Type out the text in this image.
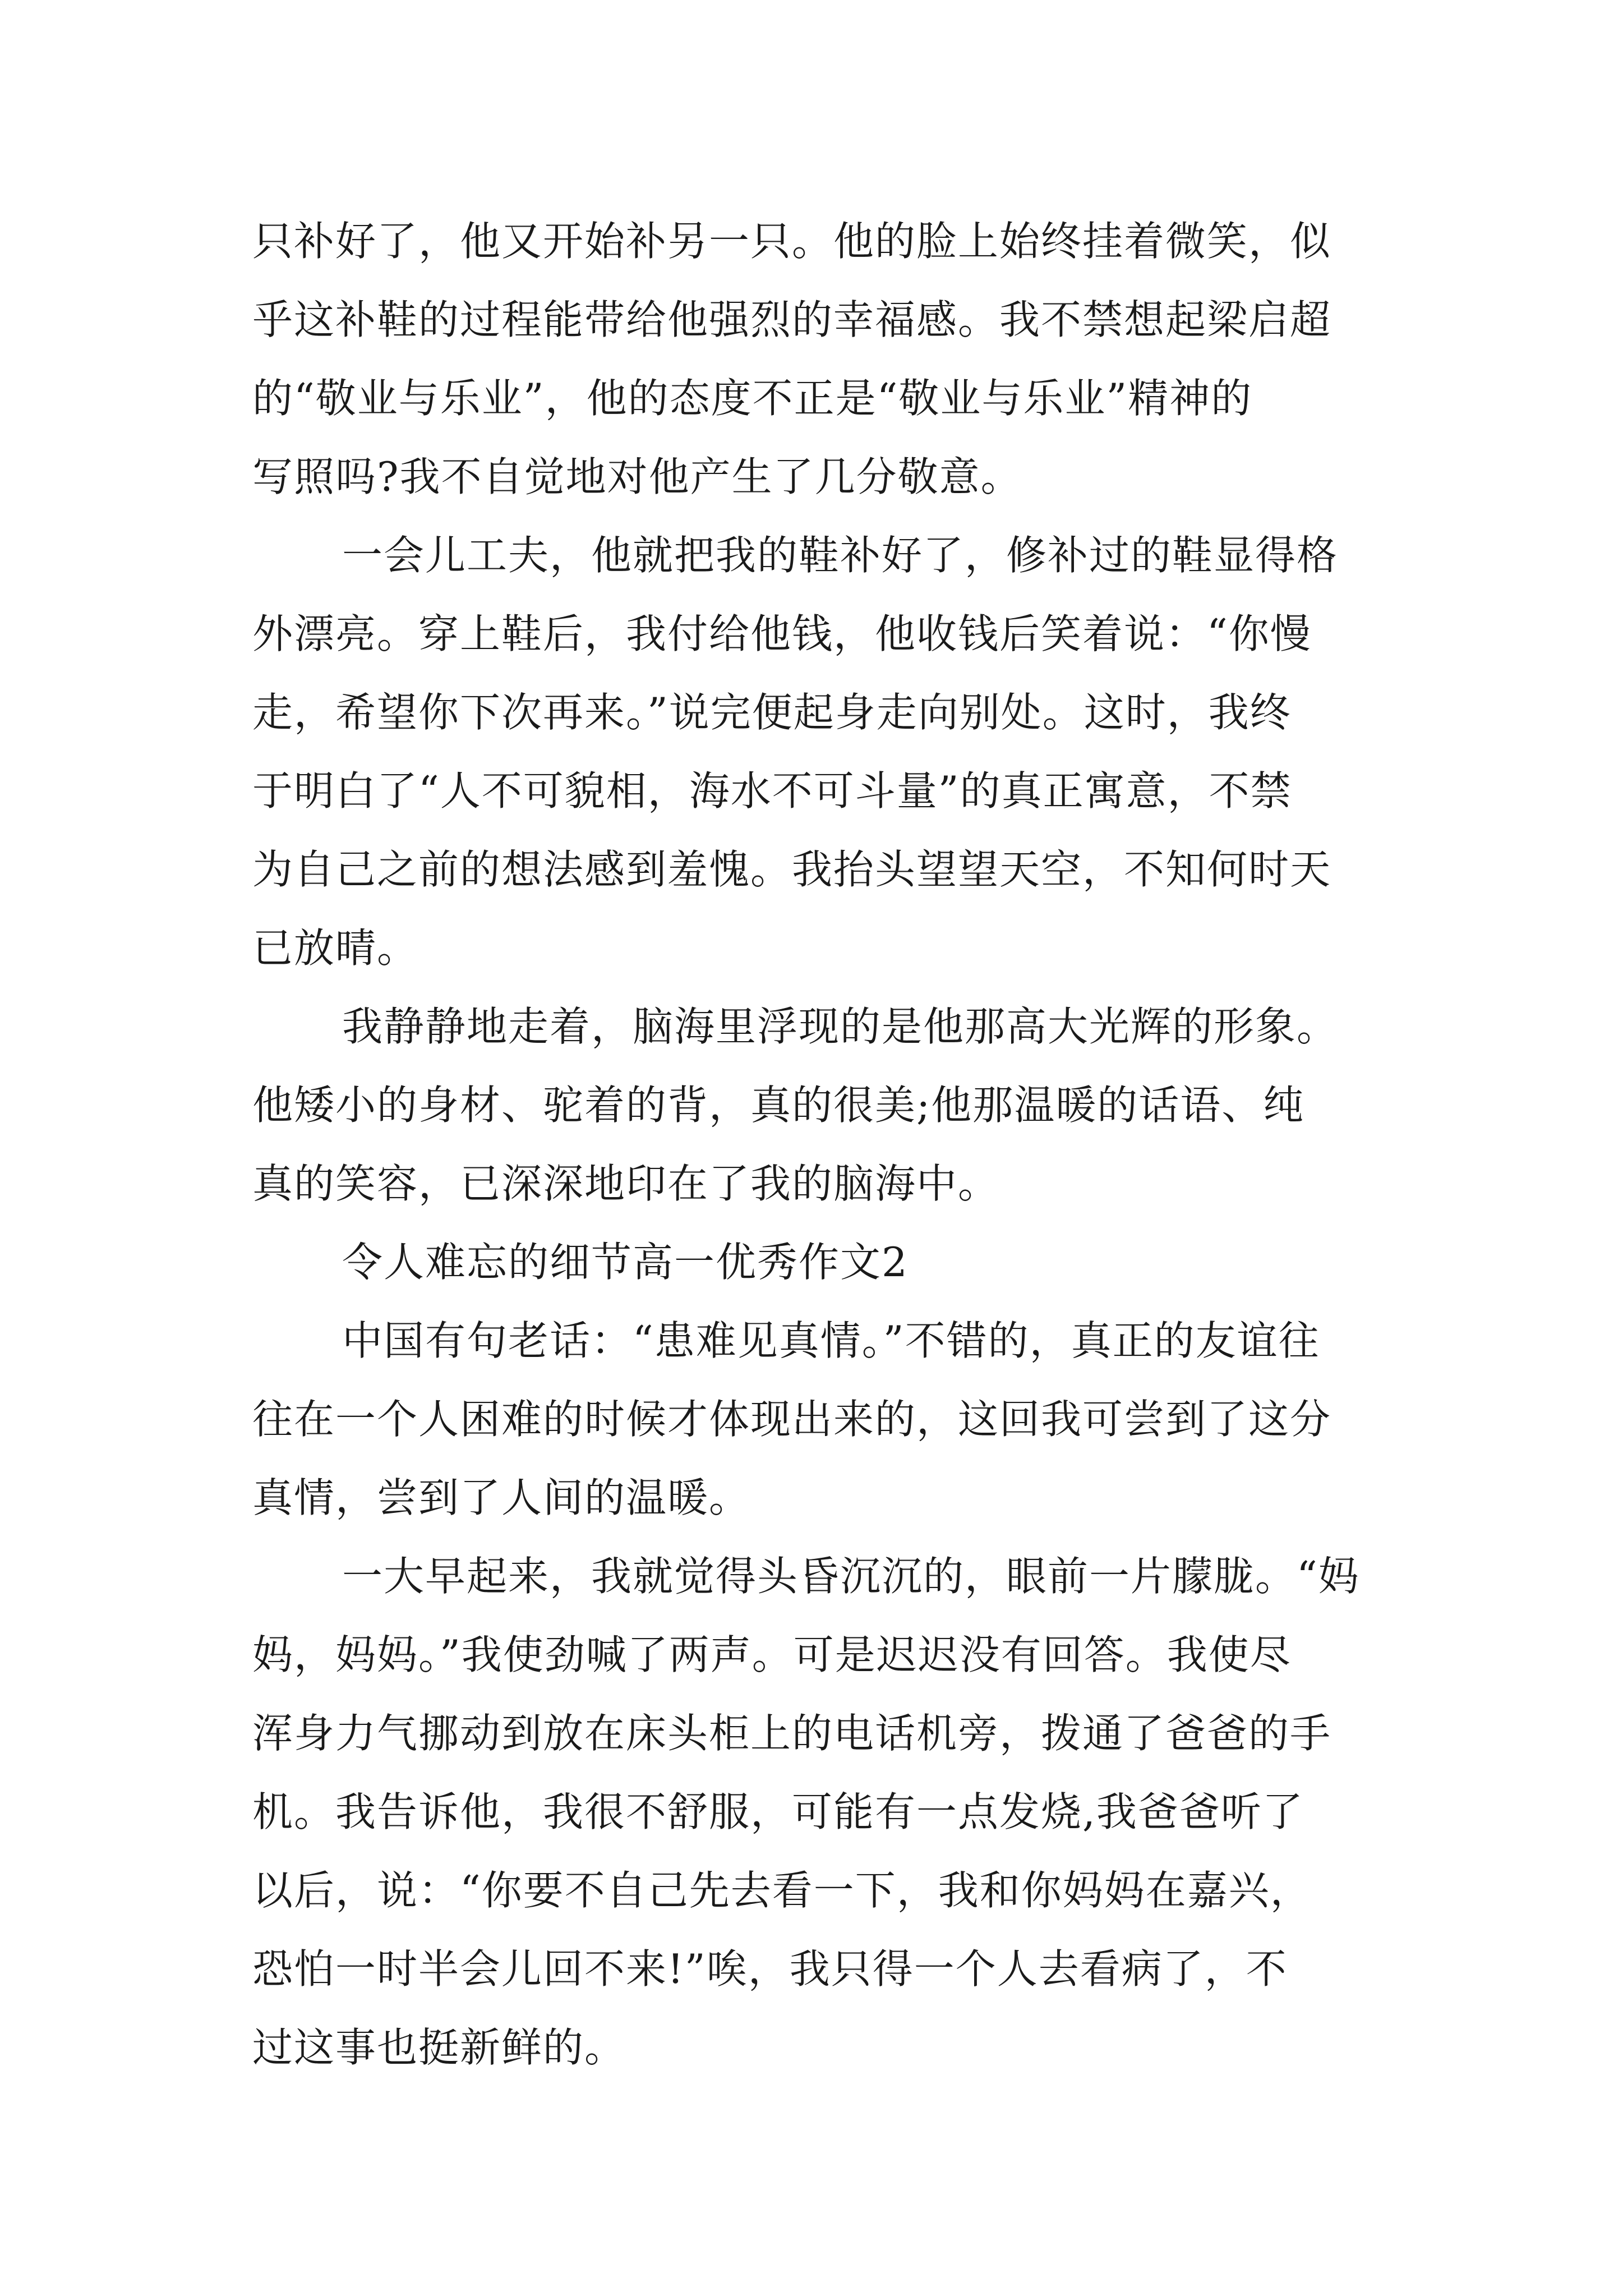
只补好了，他又开始补另一只。他的脸上始终挂着微笑，似
乎这补鞋的过程能带给他强烈的幸福感。我不禁想起梁启超
的“敬业与乐业”，他的态度不正是“敬业与乐业”精神的
写照吗?我不自觉地对他产生了几分敬意。
一会儿工夫，他就把我的鞋补好了，修补过的鞋显得格
外漂亮。穿上鞋后，我付给他钱，他收钱后笑着说：“你慢
走，希望你下次再来。”说完便起身走向别处。这时，我终
于明白了“人不可貌相，海水不可斗量”的真正寓意，不禁
为自己之前的想法感到羞愧。我抬头望望天空，不知何时天
已放晴。
我静静地走着，脑海里浮现的是他那高大光辉的形象。
他矮小的身材、驼着的背，真的很美;他那温暖的话语、纯
真的笑容，已深深地印在了我的脑海中。
令人难忘的细节高一优秀作文2
中国有句老话：“患难见真情。”不错的，真正的友谊往
往在一个人困难的时候才体现出来的，这回我可尝到了这分
真情，尝到了人间的温暖。
一大早起来，我就觉得头昏沉沉的，眼前一片朦胧。“妈
妈，妈妈。”我使劲喊了两声。可是迟迟没有回答。我使尽
浑身力气挪动到放在床头柜上的电话机旁，拨通了爸爸的手
机。我告诉他，我很不舒服，可能有一点发烧,我爸爸听了
以后，说：“你要不自己先去看一下，我和你妈妈在嘉兴，
恐怕一时半会儿回不来!”唉，我只得一个人去看病了，不
过这事也挺新鲜的。
